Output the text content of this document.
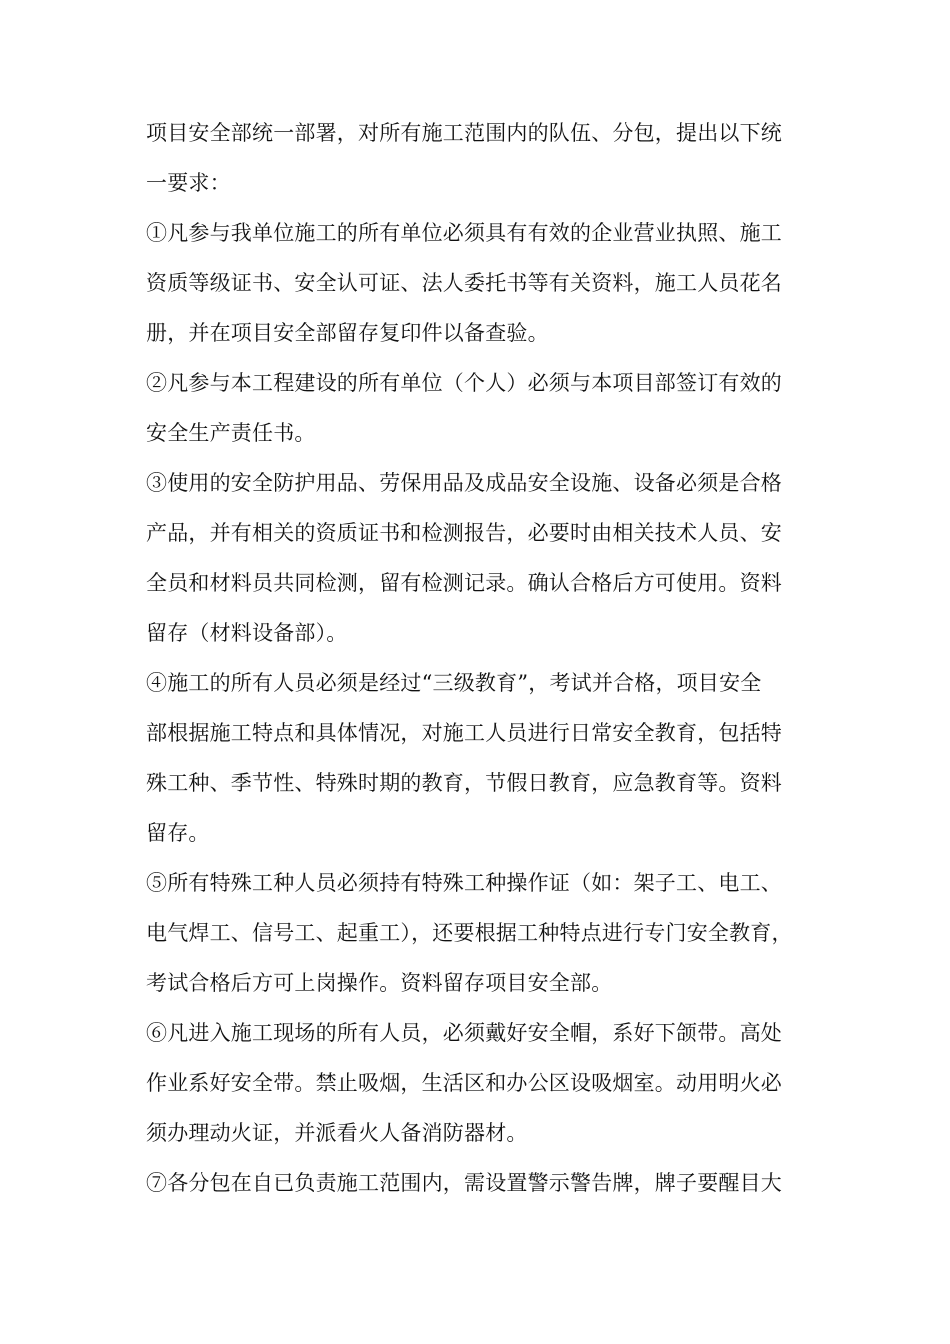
项目安全部统一部署，对所有施工范围内的队伍、分包，提出以下统
一要求：
①凡参与我单位施工的所有单位必须具有有效的企业营业执照、施工
资质等级证书、安全认可证、法人委托书等有关资料，施工人员花名
册，并在项目安全部留存复印件以备查验。
②凡参与本工程建设的所有单位（个人）必须与本项目部签订有效的
安全生产责任书。
③使用的安全防护用品、劳保用品及成品安全设施、设备必须是合格
产品，并有相关的资质证书和检测报告，必要时由相关技术人员、安
全员和材料员共同检测，留有检测记录。确认合格后方可使用。资料
留存（材料设备部）。
④施工的所有人员必须是经过“三级教育”，考试并合格，项目安全
部根据施工特点和具体情况，对施工人员进行日常安全教育，包括特
殊工种、季节性、特殊时期的教育，节假日教育，应急教育等。资料
留存。
⑤所有特殊工种人员必须持有特殊工种操作证（如：架子工、电工、
电气焊工、信号工、起重工），还要根据工种特点进行专门安全教育，
考试合格后方可上岗操作。资料留存项目安全部。
⑥凡进入施工现场的所有人员，必须戴好安全帽，系好下颌带。高处
作业系好安全带。禁止吸烟，生活区和办公区设吸烟室。动用明火必
须办理动火证，并派看火人备消防器材。
⑦各分包在自已负责施工范围内，需设置警示警告牌，牌子要醒目大
